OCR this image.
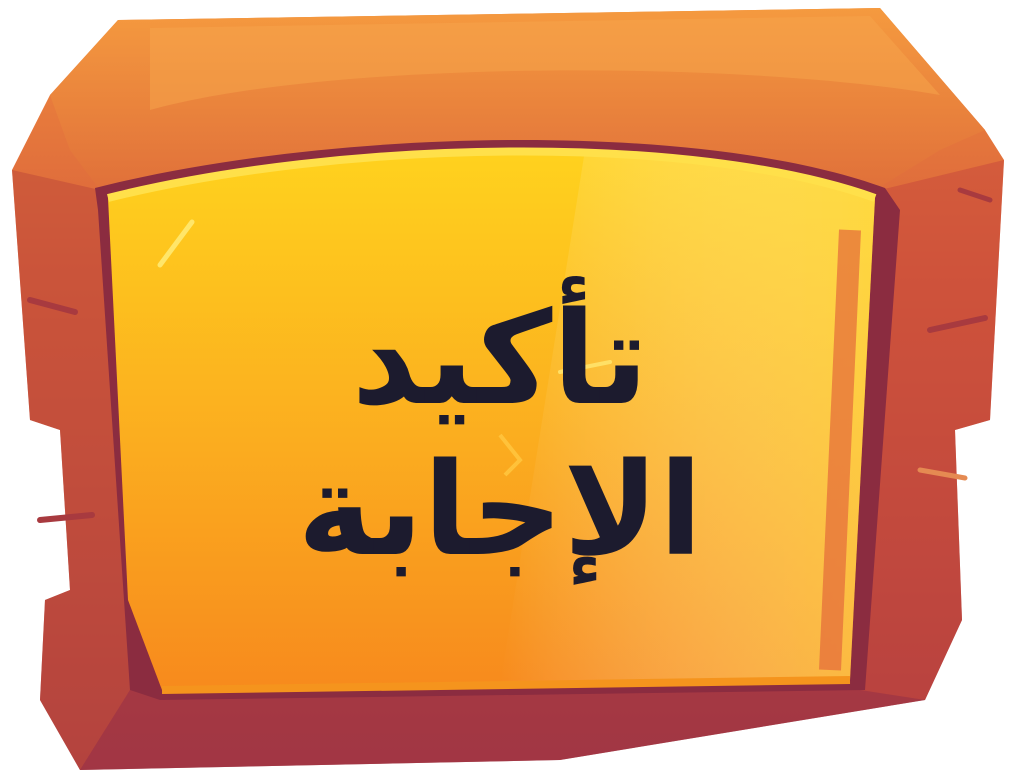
تأكيد
الإجابة
